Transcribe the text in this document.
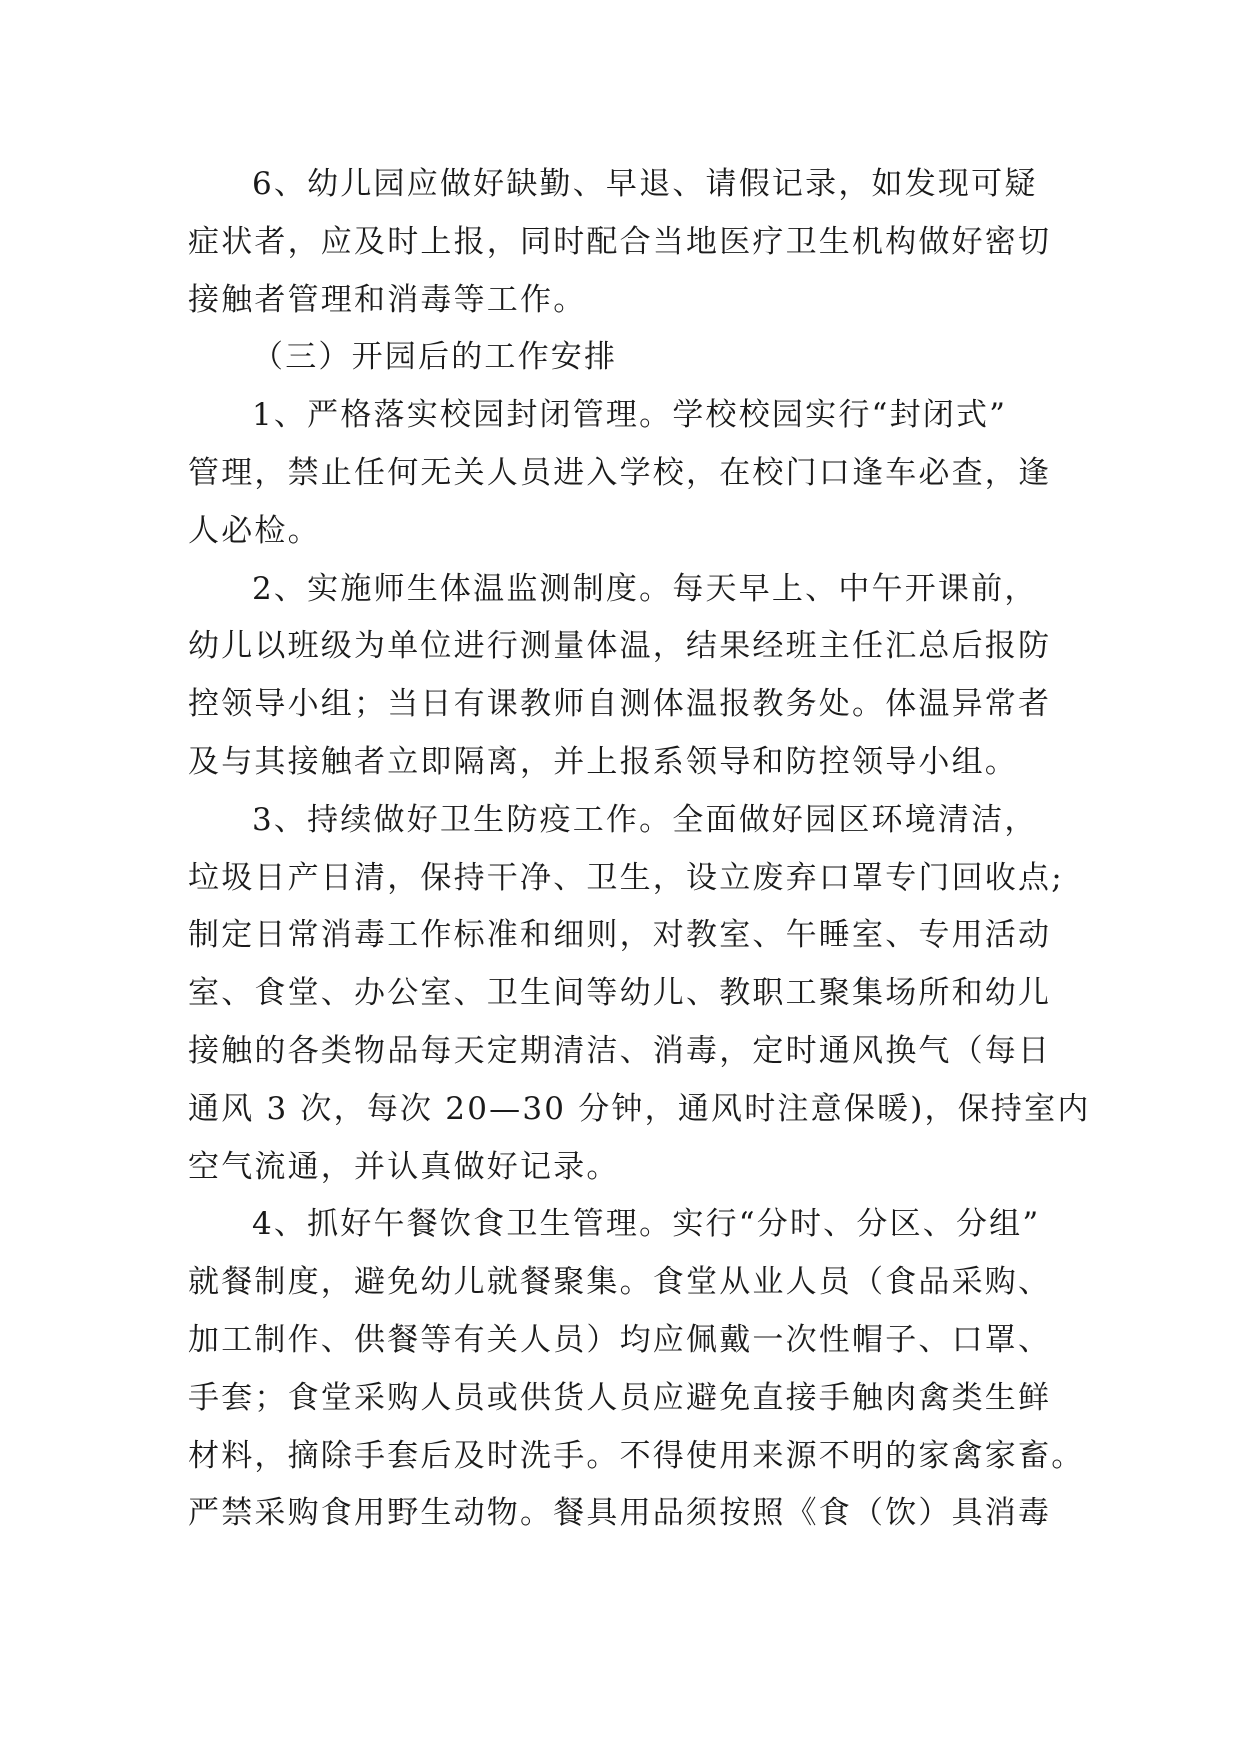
6、幼儿园应做好缺勤、早退、请假记录，如发现可疑
症状者，应及时上报，同时配合当地医疗卫生机构做好密切
接触者管理和消毒等工作。
（三）开园后的工作安排
1、严格落实校园封闭管理。学校校园实行“封闭式”
管理，禁止任何无关人员进入学校，在校门口逢车必查，逢
人必检。
2、实施师生体温监测制度。每天早上、中午开课前，
幼儿以班级为单位进行测量体温，结果经班主任汇总后报防
控领导小组；当日有课教师自测体温报教务处。体温异常者
及与其接触者立即隔离，并上报系领导和防控领导小组。
3、持续做好卫生防疫工作。全面做好园区环境清洁，
垃圾日产日清，保持干净、卫生，设立废弃口罩专门回收点;
制定日常消毒工作标准和细则，对教室、午睡室、专用活动
室、食堂、办公室、卫生间等幼儿、教职工聚集场所和幼儿
接触的各类物品每天定期清洁、消毒，定时通风换气（每日
通风 3 次，每次 20—30 分钟，通风时注意保暖)，保持室内
空气流通，并认真做好记录。
4、抓好午餐饮食卫生管理。实行“分时、分区、分组”
就餐制度，避免幼儿就餐聚集。食堂从业人员（食品采购、
加工制作、供餐等有关人员）均应佩戴一次性帽子、口罩、
手套；食堂采购人员或供货人员应避免直接手触肉禽类生鲜
材料，摘除手套后及时洗手。不得使用来源不明的家禽家畜。
严禁采购食用野生动物。餐具用品须按照《食（饮）具消毒
